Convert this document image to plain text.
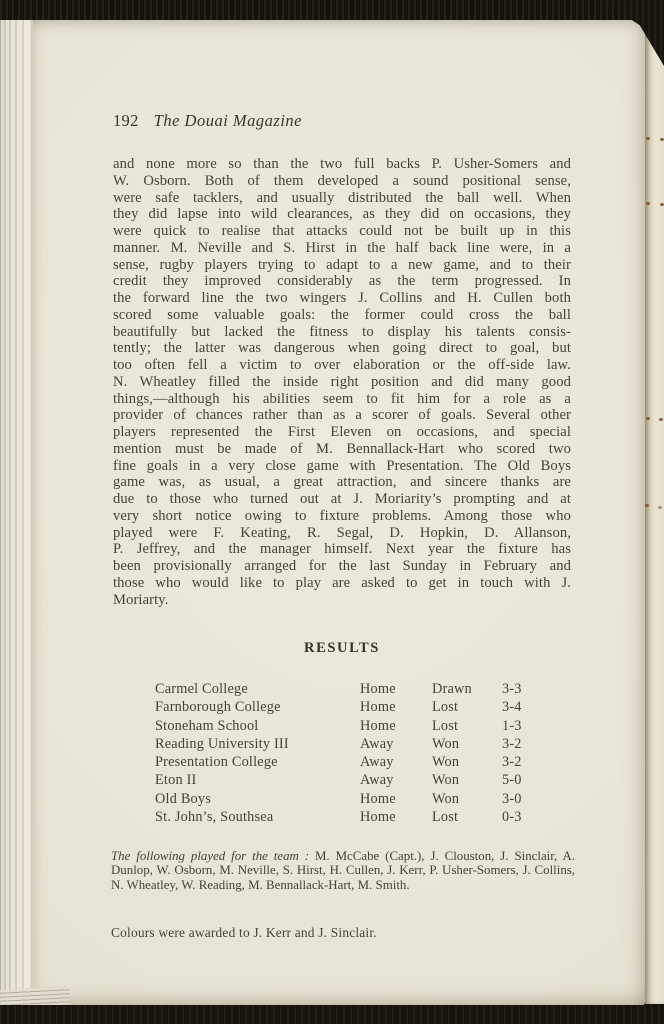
192 The Douai Magazine
and none more so than the two full backs P. Usher-Somers and
W. Osborn. Both of them developed a sound positional sense,
were safe tacklers, and usually distributed the ball well. When
they did lapse into wild clearances, as they did on occasions, they
were quick to realise that attacks could not be built up in this
manner. M. Neville and S. Hirst in the half back line were, in a
sense, rugby players trying to adapt to a new game, and to their
credit they improved considerably as the term progressed. In
the forward line the two wingers J. Collins and H. Cullen both
scored some valuable goals: the former could cross the ball
beautifully but lacked the fitness to display his talents consis-
tently; the latter was dangerous when going direct to goal, but
too often fell a victim to over elaboration or the off-side law.
N. Wheatley filled the inside right position and did many good
things,—although his abilities seem to fit him for a role as a
provider of chances rather than as a scorer of goals. Several other
players represented the First Eleven on occasions, and special
mention must be made of M. Bennallack-Hart who scored two
fine goals in a very close game with Presentation. The Old Boys
game was, as usual, a great attraction, and sincere thanks are
due to those who turned out at J. Moriarity’s prompting and at
very short notice owing to fixture problems. Among those who
played were F. Keating, R. Segal, D. Hopkin, D. Allanson,
P. Jeffrey, and the manager himself. Next year the fixture has
been provisionally arranged for the last Sunday in February and
those who would like to play are asked to get in touch with J.
Moriarty.
RESULTS
Carmel College	Home	Drawn	3-3
Farnborough College	Home	Lost	3-4
Stoneham School	Home	Lost	1-3
Reading University III	Away	Won	3-2
Presentation College	Away	Won	3-2
Eton II	Away	Won	5-0
Old Boys	Home	Won	3-0
St. John’s, Southsea	Home	Lost	0-3
The following played for the team : M. McCabe (Capt.), J. Clouston, J. Sinclair, A. Dunlop, W. Osborn, M. Neville, S. Hirst, H. Cullen, J. Kerr, P. Usher-Somers, J. Collins, N. Wheatley, W. Reading, M. Bennallack-Hart, M. Smith.
Colours were awarded to J. Kerr and J. Sinclair.
